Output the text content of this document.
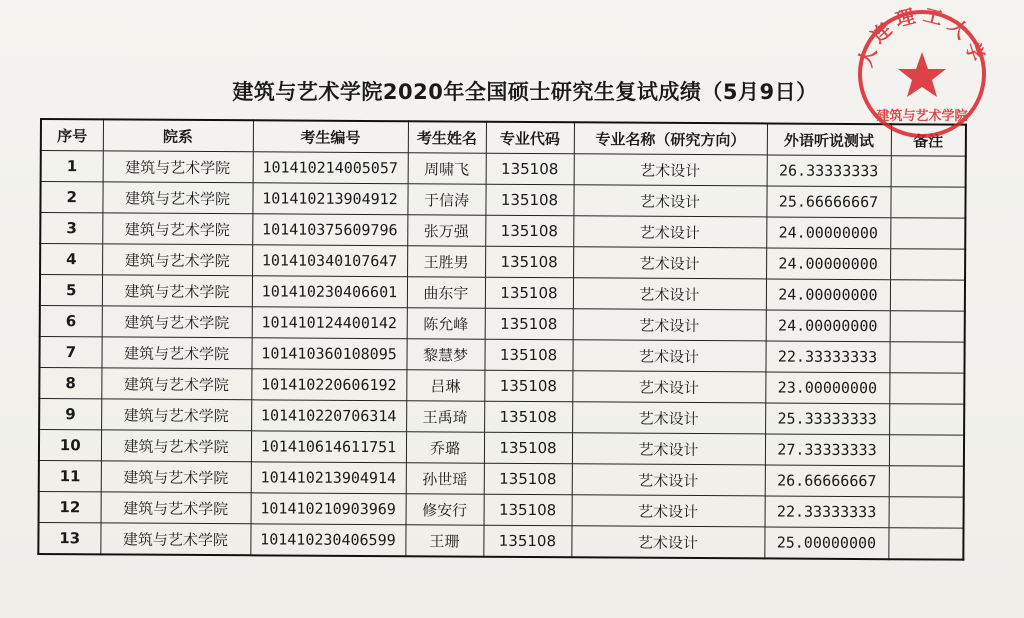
建筑与艺术学院2020年全国硕士研究生复试成绩（5月9日）
序号	院系	考生编号	考生姓名	专业代码	专业名称（研究方向）	外语听说测试	备注
1	建筑与艺术学院	101410214005057	周啸飞	135108	艺术设计	26.33333333	
2	建筑与艺术学院	101410213904912	于信涛	135108	艺术设计	25.66666667	
3	建筑与艺术学院	101410375609796	张万强	135108	艺术设计	24.00000000	
4	建筑与艺术学院	101410340107647	王胜男	135108	艺术设计	24.00000000	
5	建筑与艺术学院	101410230406601	曲东宇	135108	艺术设计	24.00000000	
6	建筑与艺术学院	101410124400142	陈允峰	135108	艺术设计	24.00000000	
7	建筑与艺术学院	101410360108095	黎慧梦	135108	艺术设计	22.33333333	
8	建筑与艺术学院	101410220606192	吕琳	135108	艺术设计	23.00000000	
9	建筑与艺术学院	101410220706314	王禹琦	135108	艺术设计	25.33333333	
10	建筑与艺术学院	101410614611751	乔璐	135108	艺术设计	27.33333333	
11	建筑与艺术学院	101410213904914	孙世瑶	135108	艺术设计	26.66666667	
12	建筑与艺术学院	101410210903969	修安行	135108	艺术设计	22.33333333	
13	建筑与艺术学院	101410230406599	王珊	135108	艺术设计	25.00000000	
大连理工大学
建筑与艺术学院
